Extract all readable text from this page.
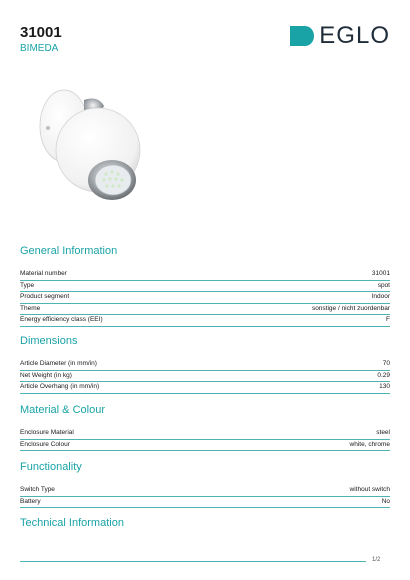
31001
BIMEDA	EGLO
General Information
Material number	31001
Type	spot
Product segment	Indoor
Theme	sonstige / nicht zuordenbar
Energy efficiency class (EEI)	F
Dimensions
Article Diameter (in mm/in)	70
Net Weight (in kg)	0.29
Article Overhang (in mm/in)	130
Material & Colour
Enclosure Material	steel
Enclosure Colour	white, chrome
Functionality
Switch Type	without switch
Battery	No
Technical Information
1/2
